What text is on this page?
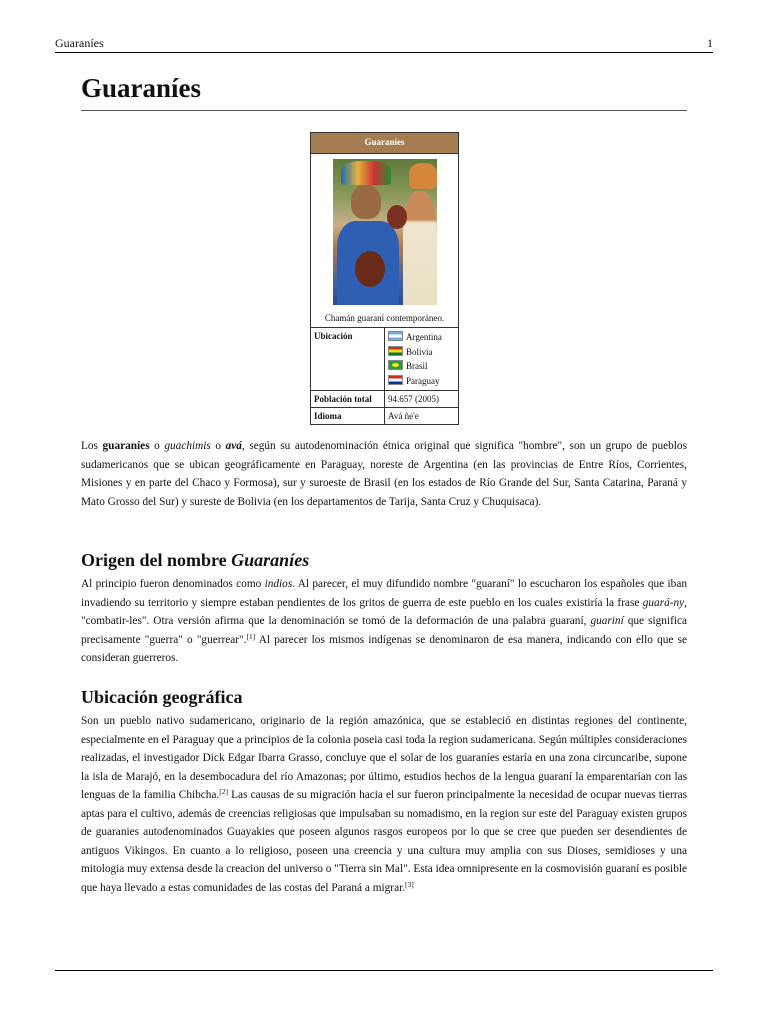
Guaraníes	1
Guaraníes
Guaraníes
Chamán guaraní contemporáneo.
Ubicación	Argentina
Bolivia
Brasil
Paraguay

Población total	94.657 (2005)
Idioma	Avá ñe'e

Los guaraníes o guachimis o avá, según su autodenominación étnica original que significa "hombre", son un grupo de pueblos sudamericanos que se ubican geográficamente en Paraguay, noreste de Argentina (en las provincias de Entre Ríos, Corrientes, Misiones y en parte del Chaco y Formosa), sur y suroeste de Brasil (en los estados de Río Grande del Sur, Santa Catarina, Paraná y Mato Grosso del Sur) y sureste de Bolivia (en los departamentos de Tarija, Santa Cruz y Chuquisaca).

Origen del nombre Guaraníes

Al principio fueron denominados como indios. Al parecer, el muy difundido nombre "guaraní" lo escucharon los españoles que iban invadiendo su territorio y siempre estaban pendientes de los gritos de guerra de este pueblo en los cuales existiría la frase guará-ny, "combatir-les". Otra versión afirma que la denominación se tomó de la deformación de una palabra guaraní, guariní que significa precisamente "guerra" o "guerrear".[1] Al parecer los mismos indígenas se denominaron de esa manera, indicando con ello que se consideran guerreros.

Ubicación geográfica

Son un pueblo nativo sudamericano, originario de la región amazónica, que se estableció en distintas regiones del continente, especialmente en el Paraguay que a principios de la colonia poseia casi toda la region sudamericana. Según múltiples consideraciones realizadas, el investigador Dick Edgar Ibarra Grasso, concluye que el solar de los guaraníes estaría en una zona circuncaribe, supone la isla de Marajó, en la desembocadura del río Amazonas; por último, estudios hechos de la lengua guaraní la emparentarían con las lenguas de la familia Chibcha.[2] Las causas de su migración hacia el sur fueron principalmente la necesidad de ocupar nuevas tierras aptas para el cultivo, además de creencias religiosas que impulsaban su nomadismo, en la region sur este del Paraguay existen grupos de guaranies autodenominados Guayakies que poseen algunos rasgos europeos por lo que se cree que pueden ser desendientes de antiguos Vikingos. En cuanto a lo religioso, poseen una creencia y una cultura muy amplia con sus Dioses, semidioses y una mitologia muy extensa desde la creacion del universo o "Tierra sin Mal". Esta idea omnipresente en la cosmovisión guaraní es posible que haya llevado a estas comunidades de las costas del Paraná a migrar.[3]
